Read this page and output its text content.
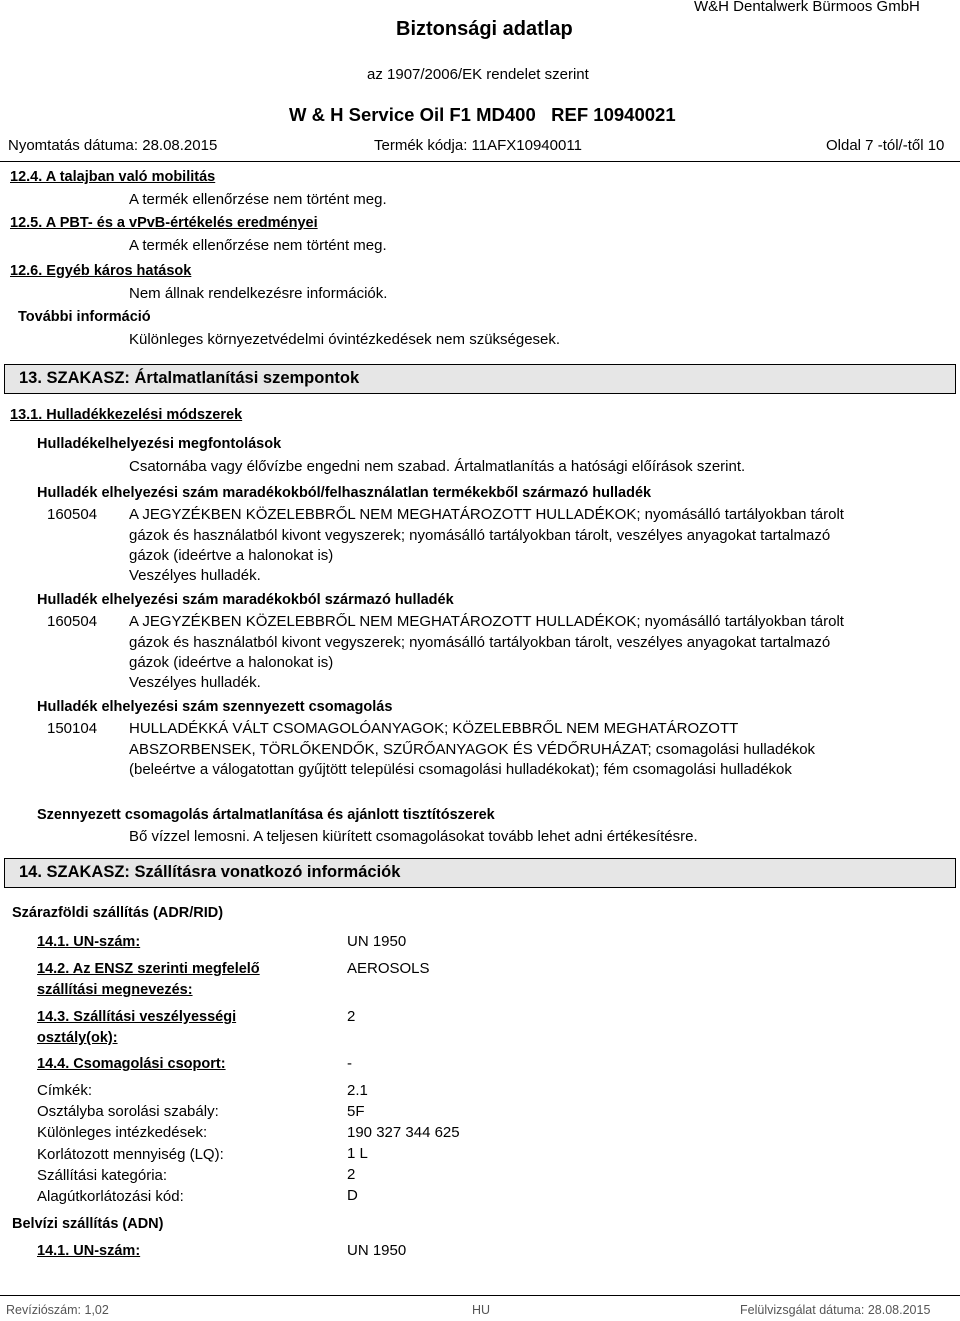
Biztonsági adatlap
W&H Dentalwerk Bürmoos GmbH
az 1907/2006/EK rendelet szerint
W & H Service Oil F1 MD400   REF 10940021
Nyomtatás dátuma: 28.08.2015	Termék kódja: 11AFX10940011	Oldal 7 -tól/-től 10
12.4. A talajban való mobilitás
A termék ellenőrzése nem történt meg.
12.5. A PBT- és a vPvB-értékelés eredményei
A termék ellenőrzése nem történt meg.
12.6. Egyéb káros hatások
Nem állnak rendelkezésre információk.
További információ
Különleges környezetvédelmi óvintézkedések nem szükségesek.
13. SZAKASZ: Ártalmatlanítási szempontok
13.1. Hulladékkezelési módszerek
Hulladékelhelyezési megfontolások
Csatornába vagy élővízbe engedni nem szabad. Ártalmatlanítás a hatósági előírások szerint.
Hulladék elhelyezési szám maradékokból/felhasználatlan termékekből származó hulladék
160504 A JEGYZÉKBEN KÖZELEBBRŐL NEM MEGHATÁROZOTT HULLADÉKOK; nyomásálló tartályokban tárolt gázok és használatból kivont vegyszerek; nyomásálló tartályokban tárolt, veszélyes anyagokat tartalmazó gázok (ideértve a halonokat is)
Veszélyes hulladék.
Hulladék elhelyezési szám maradékokból származó hulladék
160504 A JEGYZÉKBEN KÖZELEBBRŐL NEM MEGHATÁROZOTT HULLADÉKOK; nyomásálló tartályokban tárolt gázok és használatból kivont vegyszerek; nyomásálló tartályokban tárolt, veszélyes anyagokat tartalmazó gázok (ideértve a halonokat is)
Veszélyes hulladék.
Hulladék elhelyezési szám szennyezett csomagolás
150104 HULLADÉKKÁ VÁLT CSOMAGOLÓANYAGOK; KÖZELEBBRŐL NEM MEGHATÁROZOTT ABSZORBENSEK, TÖRLŐKENDŐK, SZŰRŐANYAGOK ÉS VÉDŐRUHÁZAT; csomagolási hulladékok (beleértve a válogatottan gyűjtött települési csomagolási hulladékokat); fém csomagolási hulladékok
Szennyezett csomagolás ártalmatlanítása és ajánlott tisztítószerek
Bő vízzel lemosni. A teljesen kiürített csomagolásokat tovább lehet adni értékesítésre.
14. SZAKASZ: Szállításra vonatkozó információk
Szárazföldi szállítás (ADR/RID)
14.1. UN-szám:	UN 1950
14.2. Az ENSZ szerinti megfelelő
szállítási megnevezés:
AEROSOLS
14.3. Szállítási veszélyességi
osztály(ok):
2
14.4. Csomagolási csoport:	-
Címkék:	2.1
Osztályba sorolási szabály:	5F
Különleges intézkedések:	190 327 344 625
Korlátozott mennyiség (LQ):	1 L
Szállítási kategória:	2
Alagútkorlátozási kód:	D
Belvízi szállítás (ADN)
14.1. UN-szám:	UN 1950
Revíziószám: 1,02	HU	Felülvizsgálat dátuma: 28.08.2015
